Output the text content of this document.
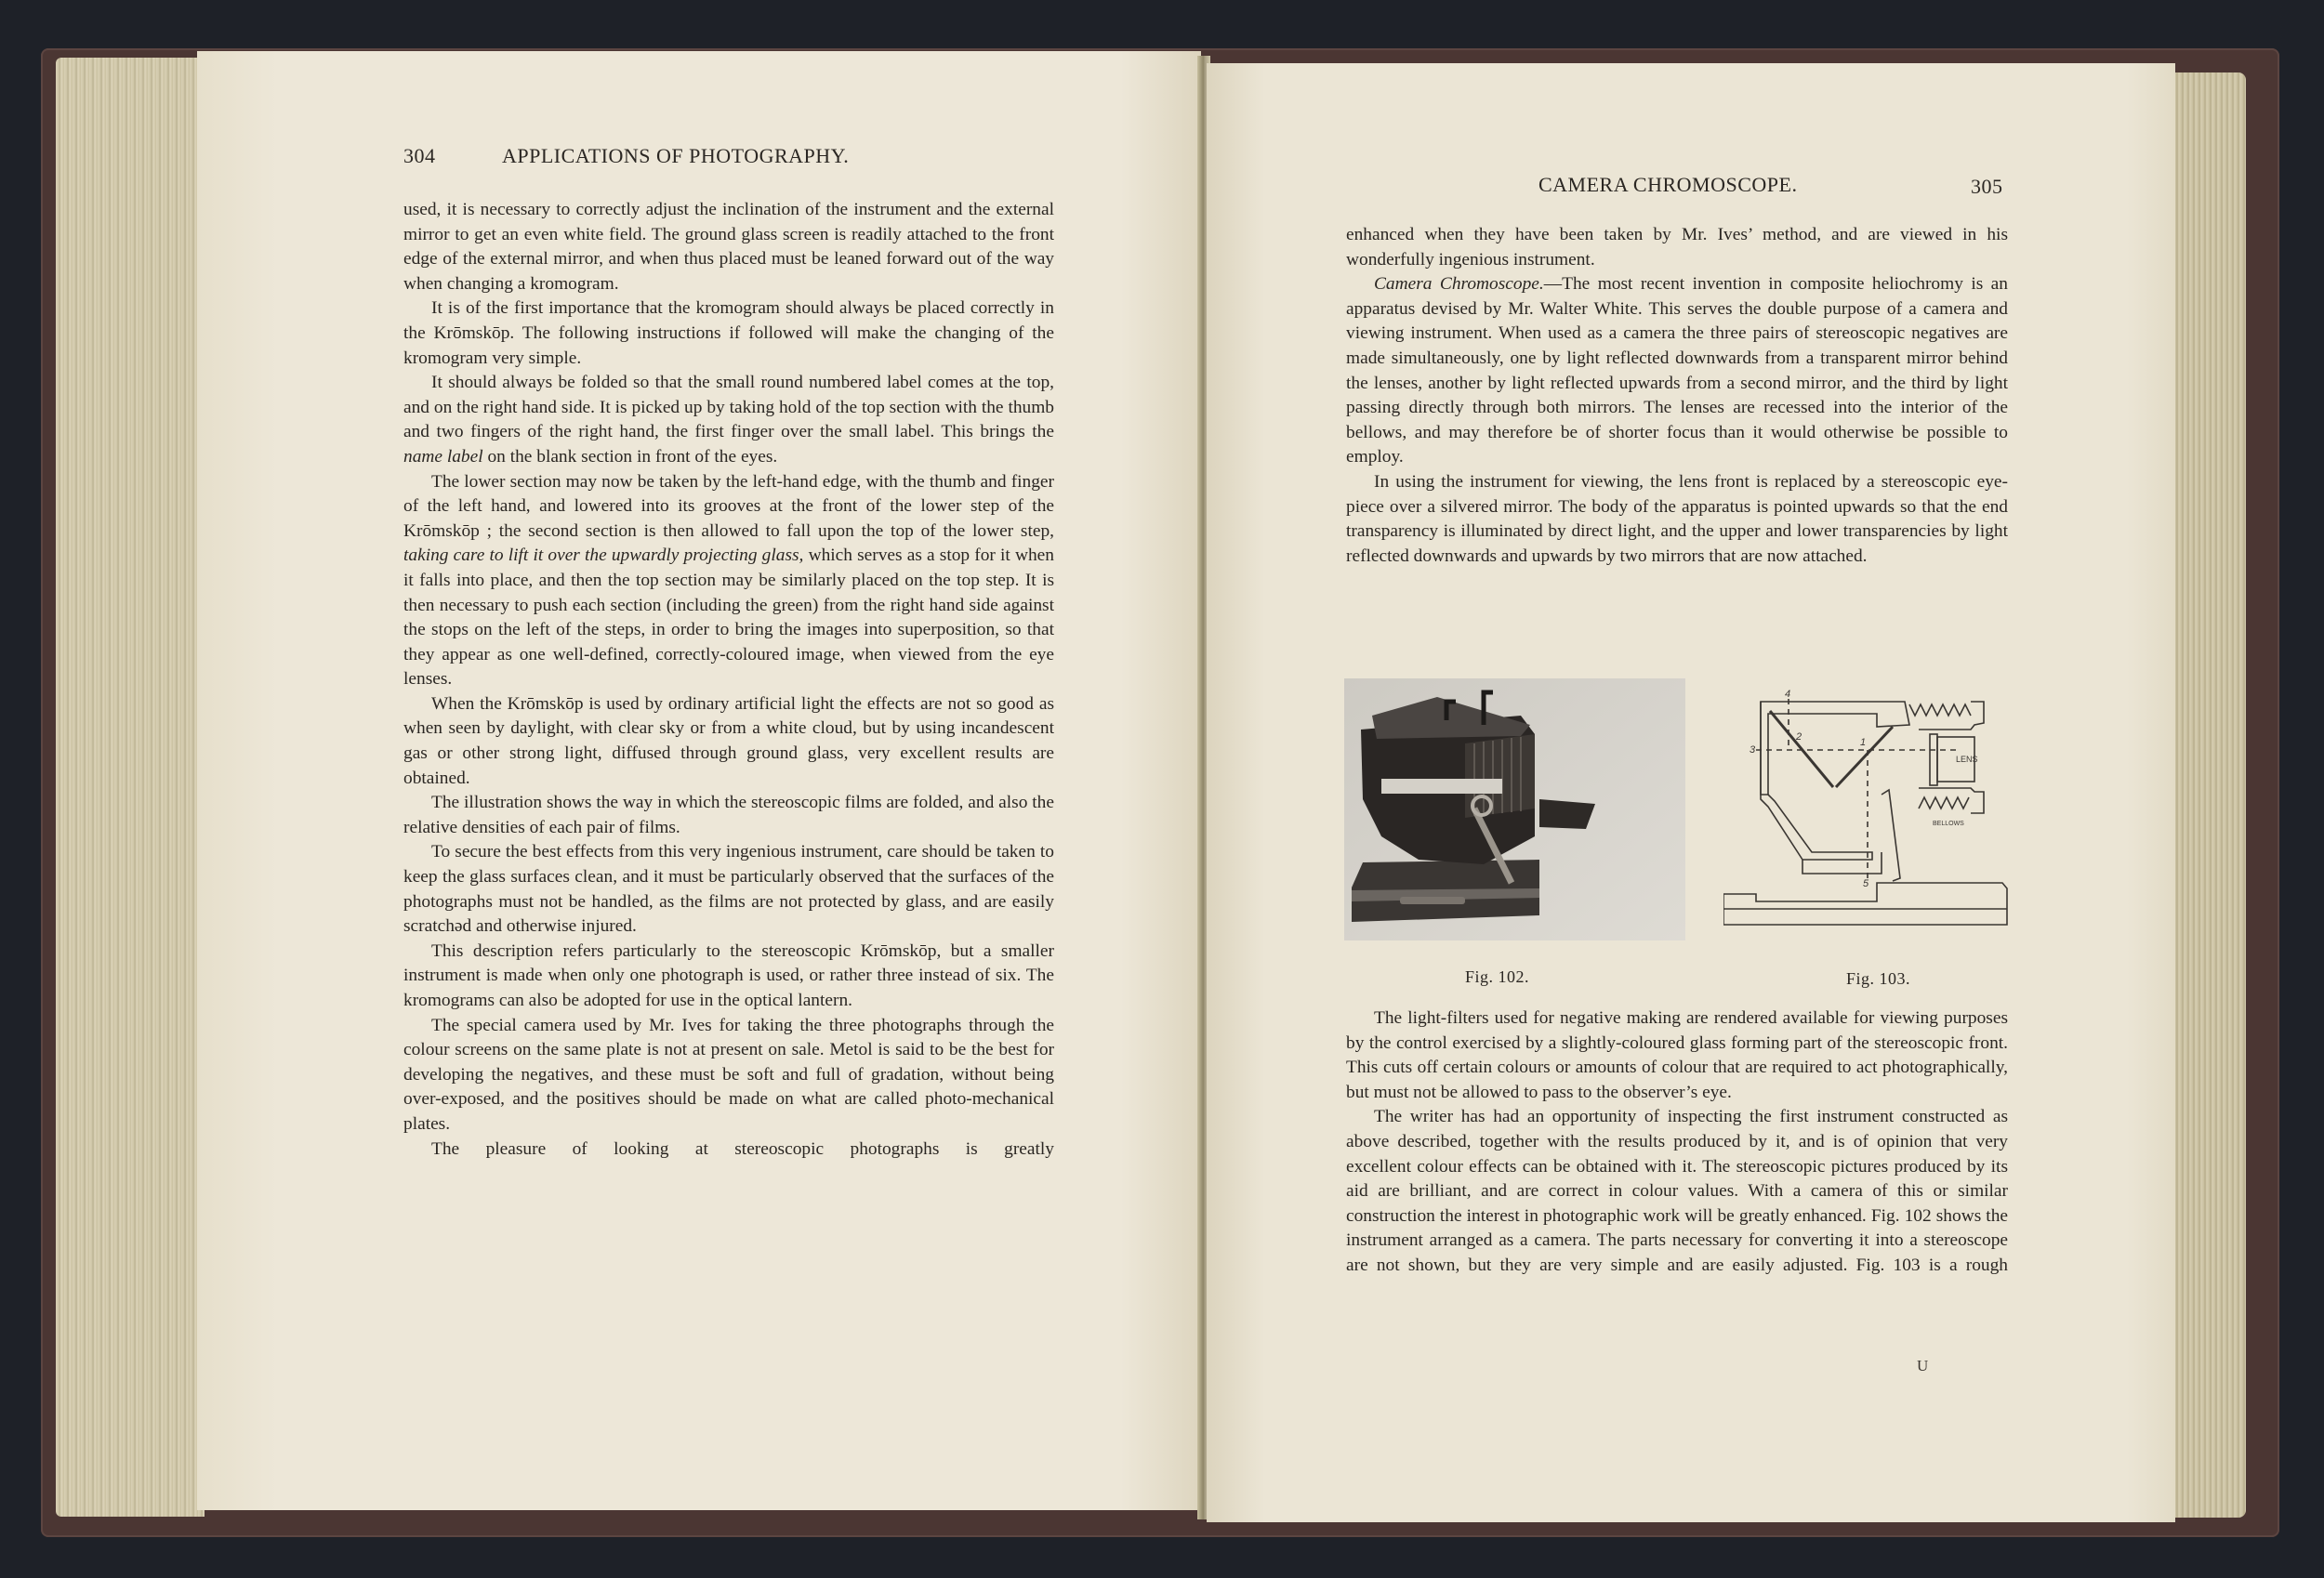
304	APPLICATIONS OF PHOTOGRAPHY.

used, it is necessary to correctly adjust the inclination of the instrument and the external mirror to get an even white field. The ground glass screen is readily attached to the front edge of the external mirror, and when thus placed must be leaned forward out of the way when changing a kromogram.

It is of the first importance that the kromogram should always be placed correctly in the Krōmskōp. The following instructions if followed will make the changing of the kromogram very simple.

It should always be folded so that the small round numbered label comes at the top, and on the right hand side. It is picked up by taking hold of the top section with the thumb and two fingers of the right hand, the first finger over the small label. This brings the name label on the blank section in front of the eyes.

The lower section may now be taken by the left-hand edge, with the thumb and finger of the left hand, and lowered into its grooves at the front of the lower step of the Krōmskōp ; the second section is then allowed to fall upon the top of the lower step, taking care to lift it over the upwardly projecting glass, which serves as a stop for it when it falls into place, and then the top section may be similarly placed on the top step. It is then necessary to push each section (including the green) from the right hand side against the stops on the left of the steps, in order to bring the images into superposition, so that they appear as one well-defined, correctly-coloured image, when viewed from the eye lenses.

When the Krōmskōp is used by ordinary artificial light the effects are not so good as when seen by daylight, with clear sky or from a white cloud, but by using incandescent gas or other strong light, diffused through ground glass, very excellent results are obtained.

The illustration shows the way in which the stereoscopic films are folded, and also the relative densities of each pair of films.

To secure the best effects from this very ingenious instrument, care should be taken to keep the glass surfaces clean, and it must be particularly observed that the surfaces of the photographs must not be handled, as the films are not protected by glass, and are easily scratchəd and otherwise injured.

This description refers particularly to the stereoscopic Krōmskōp, but a smaller instrument is made when only one photograph is used, or rather three instead of six. The kromograms can also be adopted for use in the optical lantern.

The special camera used by Mr. Ives for taking the three photographs through the colour screens on the same plate is not at present on sale. Metol is said to be the best for developing the negatives, and these must be soft and full of gradation, without being over-exposed, and the positives should be made on what are called photo-mechanical plates.

The pleasure of looking at stereoscopic photographs is greatly

CAMERA CHROMOSCOPE.	305

enhanced when they have been taken by Mr. Ives’ method, and are viewed in his wonderfully ingenious instrument.

Camera Chromoscope.—The most recent invention in composite heliochromy is an apparatus devised by Mr. Walter White. This serves the double purpose of a camera and viewing instrument. When used as a camera the three pairs of stereoscopic negatives are made simultaneously, one by light reflected downwards from a transparent mirror behind the lenses, another by light reflected upwards from a second mirror, and the third by light passing directly through both mirrors. The lenses are recessed into the interior of the bellows, and may therefore be of shorter focus than it would otherwise be possible to employ.

In using the instrument for viewing, the lens front is replaced by a stereoscopic eye-piece over a silvered mirror. The body of the apparatus is pointed upwards so that the end transparency is illuminated by direct light, and the upper and lower transparencies by light reflected downwards and upwards by two mirrors that are now attached.

Fig. 102.
LENS
BELLOWS
1
2
3
4
5
Fig. 103.

The light-filters used for negative making are rendered available for viewing purposes by the control exercised by a slightly-coloured glass forming part of the stereoscopic front. This cuts off certain colours or amounts of colour that are required to act photographically, but must not be allowed to pass to the observer’s eye.

The writer has had an opportunity of inspecting the first instrument constructed as above described, together with the results produced by it, and is of opinion that very excellent colour effects can be obtained with it. The stereoscopic pictures produced by its aid are brilliant, and are correct in colour values. With a camera of this or similar construction the interest in photographic work will be greatly enhanced. Fig. 102 shows the instrument arranged as a camera. The parts necessary for converting it into a stereoscope are not shown, but they are very simple and are easily adjusted. Fig. 103 is a rough

U
